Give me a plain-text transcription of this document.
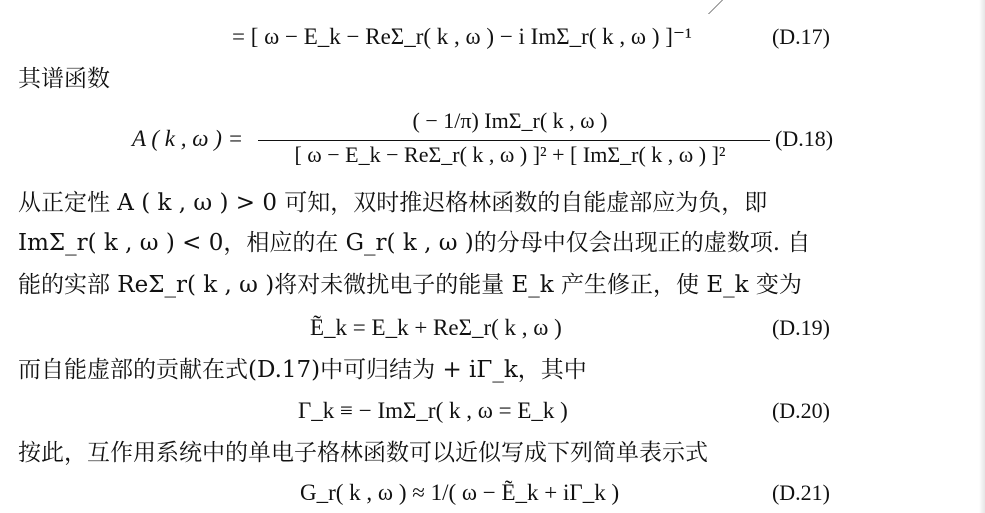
= [ ω − E_k − ReΣ_r( k , ω ) − i ImΣ_r( k , ω ) ]⁻¹	(D.17)
其谱函数
A ( k , ω ) =
( − 1/π) ImΣ_r( k , ω )
[ ω − E_k − ReΣ_r( k , ω ) ]² + [ ImΣ_r( k , ω ) ]²
(D.18)
从正定性 A ( k , ω ) > 0 可知，双时推迟格林函数的自能虚部应为负，即
ImΣ_r( k , ω ) < 0，相应的在 G_r( k , ω )的分母中仅会出现正的虚数项. 自
能的实部 ReΣ_r( k , ω )将对未微扰电子的能量 E_k 产生修正，使 E_k 变为
Ẽ_k = E_k + ReΣ_r( k , ω )	(D.19)
而自能虚部的贡献在式(D.17)中可归结为 + iΓ_k，其中
Γ_k ≡ − ImΣ_r( k , ω = E_k )	(D.20)
按此，互作用系统中的单电子格林函数可以近似写成下列简单表示式
G_r( k , ω ) ≈ 1/( ω − Ẽ_k + iΓ_k )	(D.21)
